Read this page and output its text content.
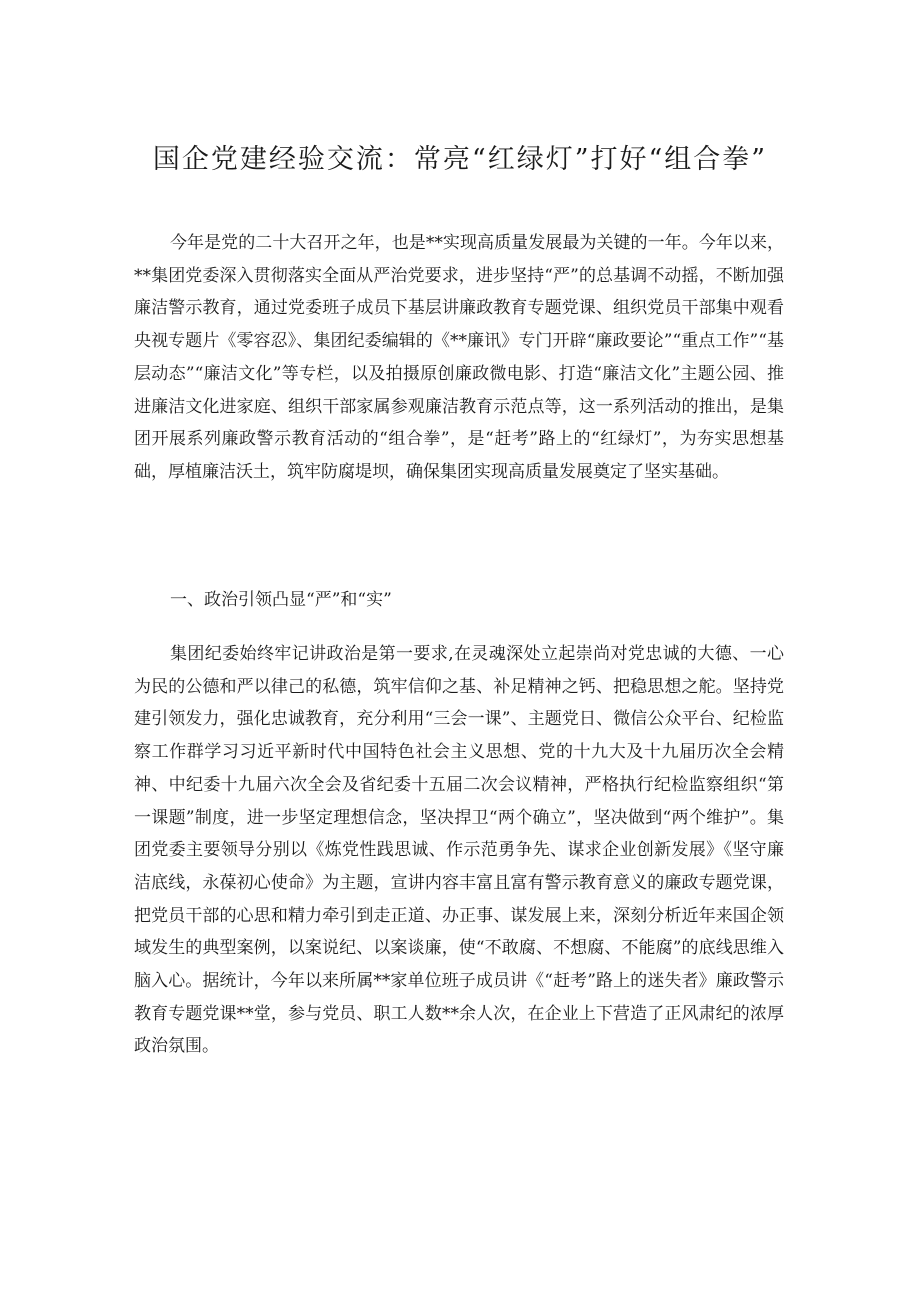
国企党建经验交流：常亮“红绿灯”打好“组合拳”

今年是党的二十大召开之年，也是**实现高质量发展最为关键的一年。今年以来，**集团党委深入贯彻落实全面从严治党要求，进步坚持“严”的总基调不动摇，不断加强廉洁警示教育，通过党委班子成员下基层讲廉政教育专题党课、组织党员干部集中观看央视专题片《零容忍》、集团纪委编辑的《**廉讯》专门开辟“廉政要论”“重点工作”“基层动态”“廉洁文化”等专栏，以及拍摄原创廉政微电影、打造“廉洁文化”主题公园、推进廉洁文化进家庭、组织干部家属参观廉洁教育示范点等，这一系列活动的推出，是集团开展系列廉政警示教育活动的“组合拳”，是“赶考”路上的“红绿灯”，为夯实思想基础，厚植廉洁沃土，筑牢防腐堤坝，确保集团实现高质量发展奠定了坚实基础。

一、政治引领凸显“严”和“实”

集团纪委始终牢记讲政治是第一要求,在灵魂深处立起崇尚对党忠诚的大德、一心为民的公德和严以律己的私德，筑牢信仰之基、补足精神之钙、把稳思想之舵。坚持党建引领发力，强化忠诚教育，充分利用“三会一课”、主题党日、微信公众平台、纪检监察工作群学习习近平新时代中国特色社会主义思想、党的十九大及十九届历次全会精神、中纪委十九届六次全会及省纪委十五届二次会议精神，严格执行纪检监察组织“第一课题”制度，进一步坚定理想信念，坚决捍卫“两个确立”，坚决做到“两个维护”。集团党委主要领导分别以《炼党性践思诚、作示范勇争先、谋求企业创新发展》《坚守廉洁底线，永葆初心使命》为主题，宣讲内容丰富且富有警示教育意义的廉政专题党课，把党员干部的心思和精力牵引到走正道、办正事、谋发展上来，深刻分析近年来国企领域发生的典型案例，以案说纪、以案谈廉，使“不敢腐、不想腐、不能腐”的底线思维入脑入心。据统计，今年以来所属**家单位班子成员讲《“赶考”路上的迷失者》廉政警示教育专题党课**堂，参与党员、职工人数**余人次，在企业上下营造了正风肃纪的浓厚政治氛围。
